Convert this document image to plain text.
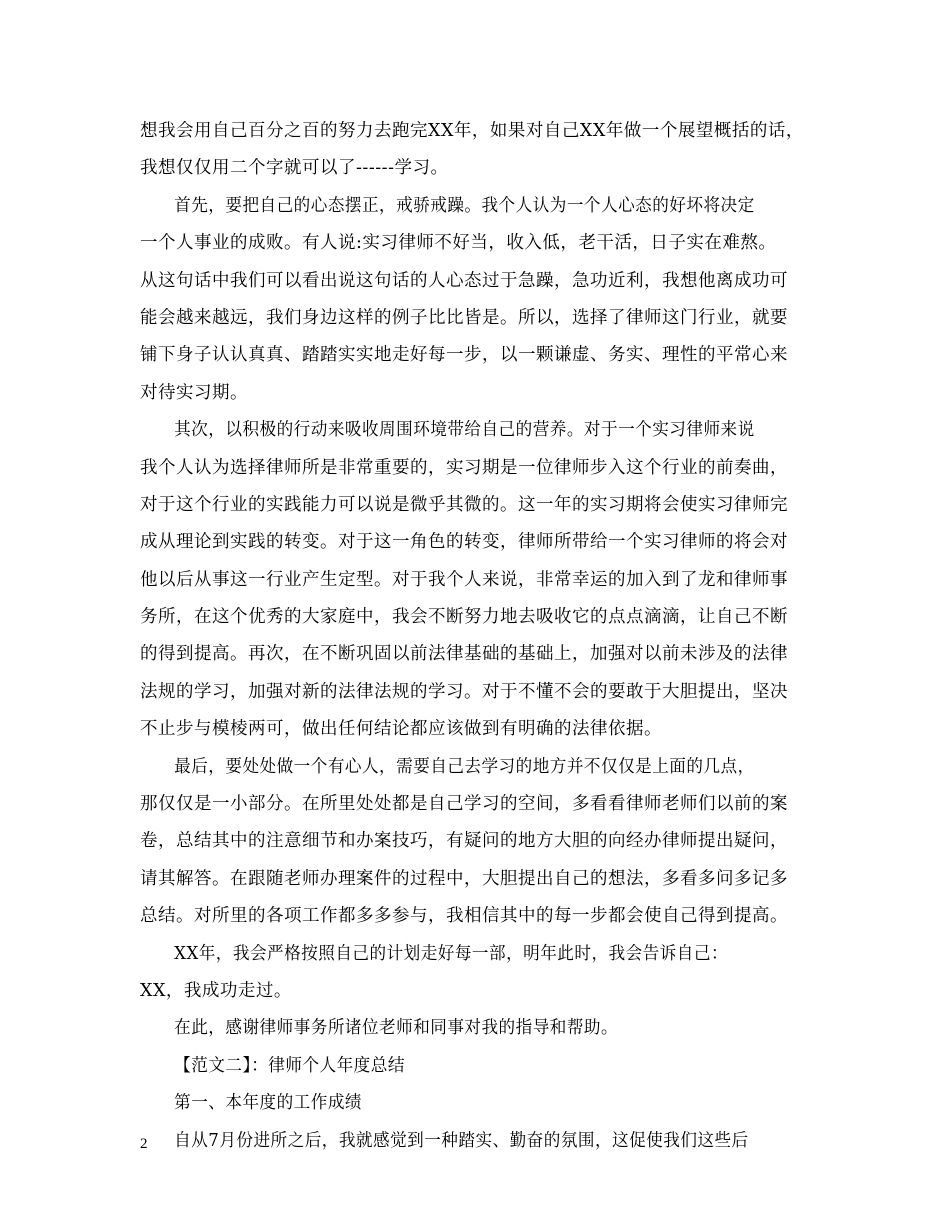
想我会用自己百分之百的努力去跑完XX年，如果对自己XX年做一个展望概括的话，
我想仅仅用二个字就可以了------学习。
首先，要把自己的心态摆正，戒骄戒躁。我个人认为一个人心态的好坏将决定
一个人事业的成败。有人说:实习律师不好当，收入低，老干活，日子实在难熬。
从这句话中我们可以看出说这句话的人心态过于急躁，急功近利，我想他离成功可
能会越来越远，我们身边这样的例子比比皆是。所以，选择了律师这门行业，就要
铺下身子认认真真、踏踏实实地走好每一步，以一颗谦虚、务实、理性的平常心来
对待实习期。
其次，以积极的行动来吸收周围环境带给自己的营养。对于一个实习律师来说
我个人认为选择律师所是非常重要的，实习期是一位律师步入这个行业的前奏曲，
对于这个行业的实践能力可以说是微乎其微的。这一年的实习期将会使实习律师完
成从理论到实践的转变。对于这一角色的转变，律师所带给一个实习律师的将会对
他以后从事这一行业产生定型。对于我个人来说，非常幸运的加入到了龙和律师事
务所，在这个优秀的大家庭中，我会不断努力地去吸收它的点点滴滴，让自己不断
的得到提高。再次，在不断巩固以前法律基础的基础上，加强对以前未涉及的法律
法规的学习，加强对新的法律法规的学习。对于不懂不会的要敢于大胆提出，坚决
不止步与模棱两可，做出任何结论都应该做到有明确的法律依据。
最后，要处处做一个有心人，需要自己去学习的地方并不仅仅是上面的几点，
那仅仅是一小部分。在所里处处都是自己学习的空间，多看看律师老师们以前的案
卷，总结其中的注意细节和办案技巧，有疑问的地方大胆的向经办律师提出疑问，
请其解答。在跟随老师办理案件的过程中，大胆提出自己的想法，多看多问多记多
总结。对所里的各项工作都多多参与，我相信其中的每一步都会使自己得到提高。
XX年，我会严格按照自己的计划走好每一部，明年此时，我会告诉自己：
XX，我成功走过。
在此，感谢律师事务所诸位老师和同事对我的指导和帮助。
【范文二】：律师个人年度总结
第一、本年度的工作成绩
自从7月份进所之后，我就感觉到一种踏实、勤奋的氛围，这促使我们这些后
2
